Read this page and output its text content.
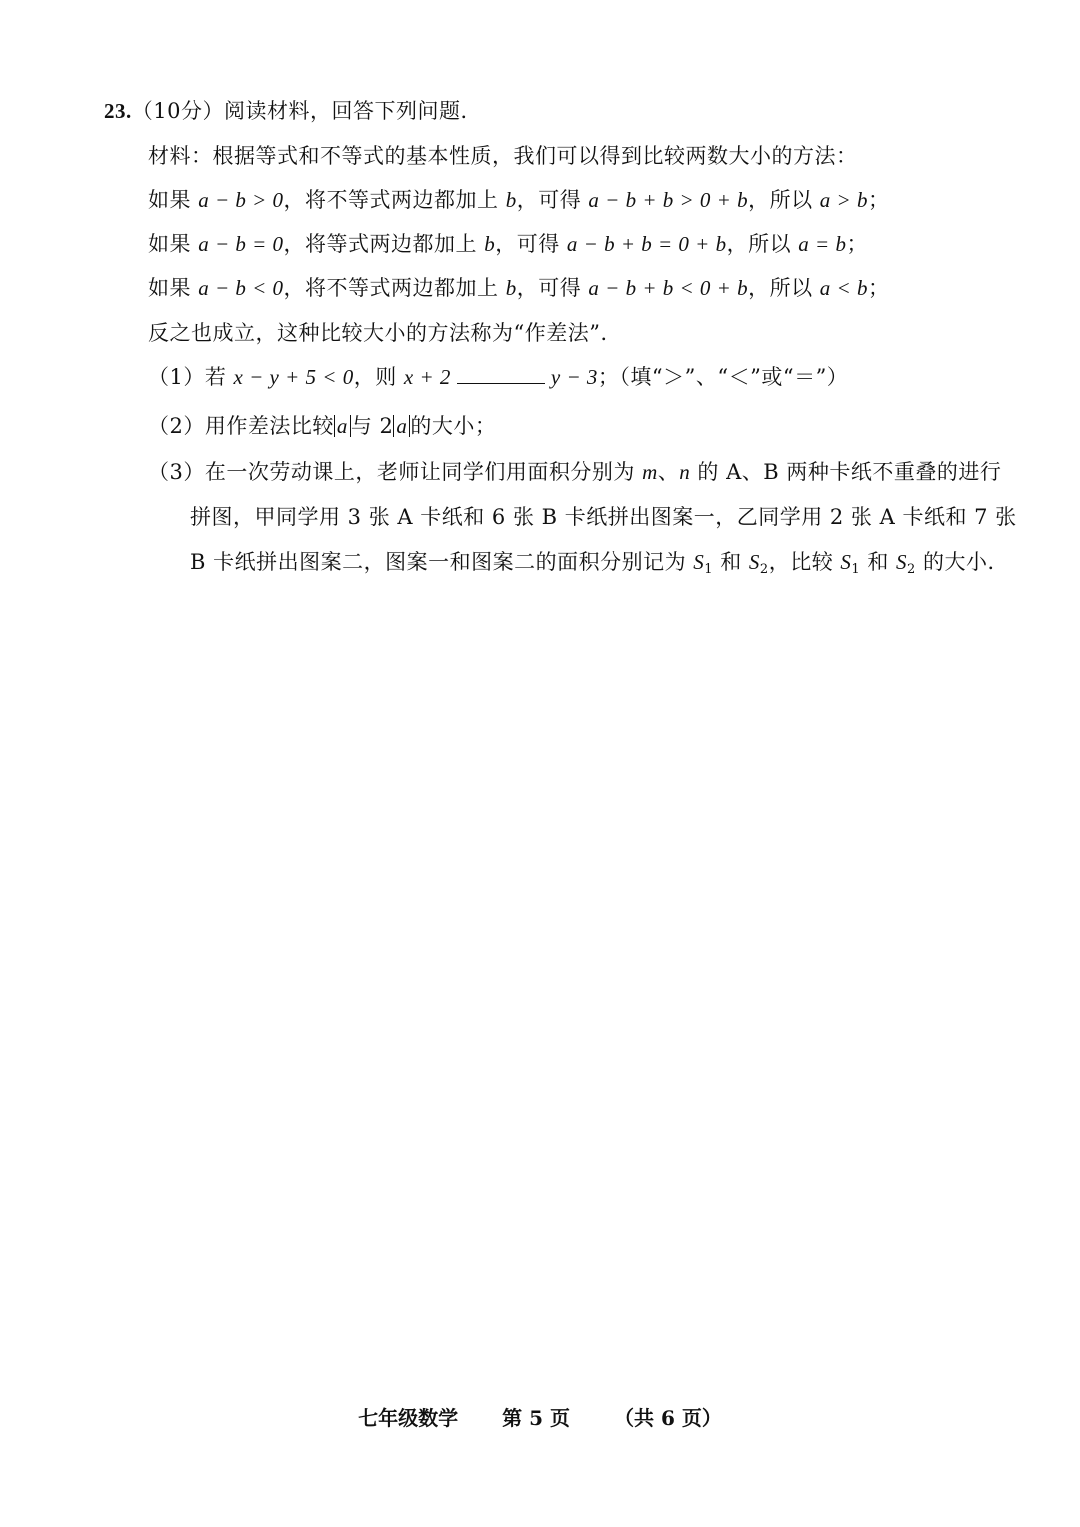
23.（10分）阅读材料，回答下列问题．
材料：根据等式和不等式的基本性质，我们可以得到比较两数大小的方法：
如果 a − b > 0，将不等式两边都加上 b，可得 a − b + b > 0 + b，所以 a > b；
如果 a − b = 0，将等式两边都加上 b，可得 a − b + b = 0 + b，所以 a = b；
如果 a − b < 0，将不等式两边都加上 b，可得 a − b + b < 0 + b，所以 a < b；
反之也成立，这种比较大小的方法称为“作差法”．
（1）若 x − y + 5 < 0，则 x + 2	y − 3；（填“＞”、“＜”或“＝”）
（2）用作差法比较 a 与 2 a 的大小；
（3）在一次劳动课上，老师让同学们用面积分别为 m、n 的 A、B 两种卡纸不重叠的进行
拼图，甲同学用 3 张 A 卡纸和 6 张 B 卡纸拼出图案一，乙同学用 2 张 A 卡纸和 7 张
B 卡纸拼出图案二，图案一和图案二的面积分别记为 $S_1$ 和 $S_2$，比较 $S_1$ 和 $S_2$ 的大小．
七年级数学 第 5 页 （共 6 页）
